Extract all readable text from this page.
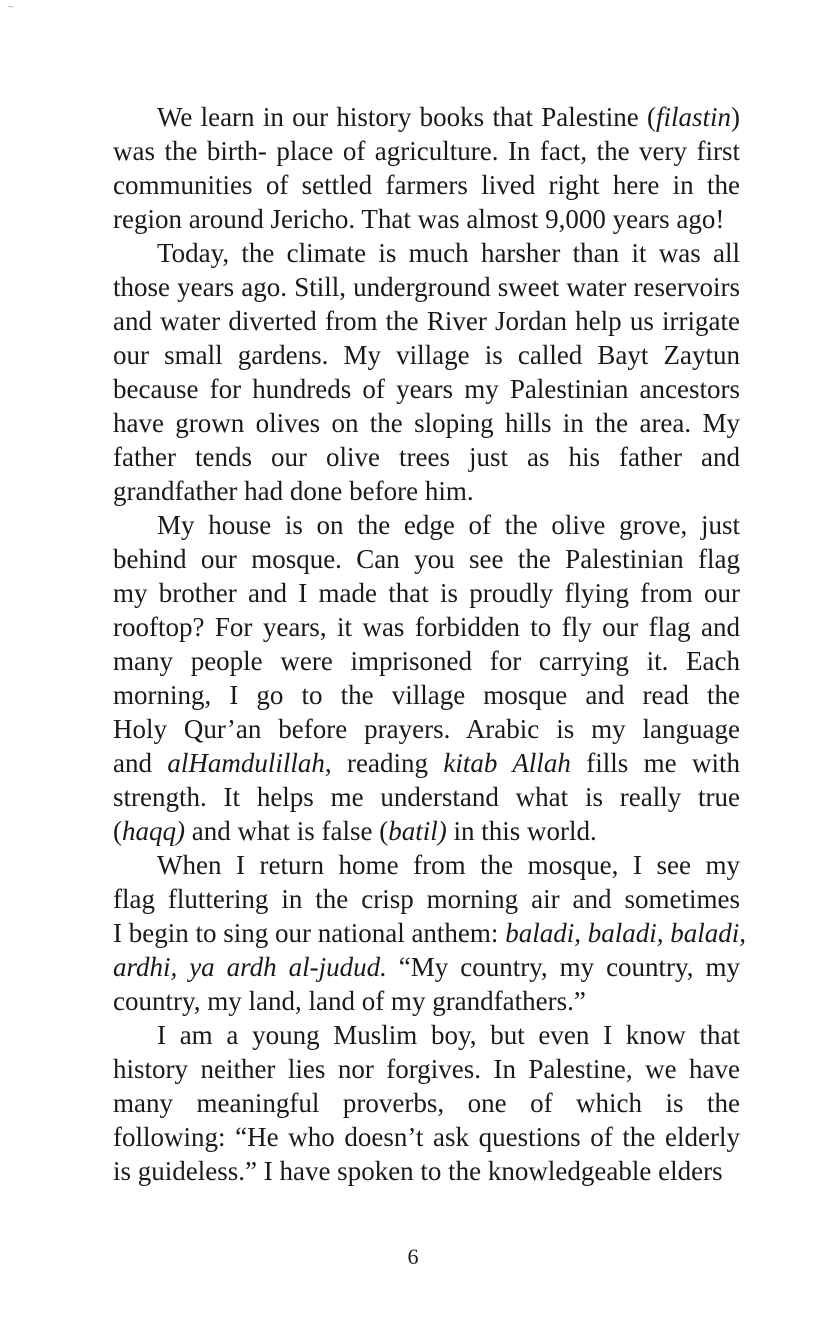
--
We learn in our history books that Palestine (filastin)
was the birth- place of agriculture. In fact, the very first
communities of settled farmers lived right here in the
region around Jericho. That was almost 9,000 years ago!
Today, the climate is much harsher than it was all
those years ago. Still, underground sweet water reservoirs
and water diverted from the River Jordan help us irrigate
our small gardens. My village is called Bayt Zaytun
because for hundreds of years my Palestinian ancestors
have grown olives on the sloping hills in the area. My
father tends our olive trees just as his father and
grandfather had done before him.
My house is on the edge of the olive grove, just
behind our mosque. Can you see the Palestinian flag
my brother and I made that is proudly flying from our
rooftop? For years, it was forbidden to fly our flag and
many people were imprisoned for carrying it. Each
morning, I go to the village mosque and read the
Holy Qur’an before prayers. Arabic is my language
and alHamdulillah, reading kitab Allah fills me with
strength. It helps me understand what is really true
(haqq) and what is false (batil) in this world.
When I return home from the mosque, I see my
flag fluttering in the crisp morning air and sometimes
I begin to sing our national anthem: baladi, baladi, baladi,
ardhi, ya ardh al-judud. “My country, my country, my
country, my land, land of my grandfathers.”
I am a young Muslim boy, but even I know that
history neither lies nor forgives. In Palestine, we have
many meaningful proverbs, one of which is the
following: “He who doesn’t ask questions of the elderly
is guideless.” I have spoken to the knowledgeable elders
6
